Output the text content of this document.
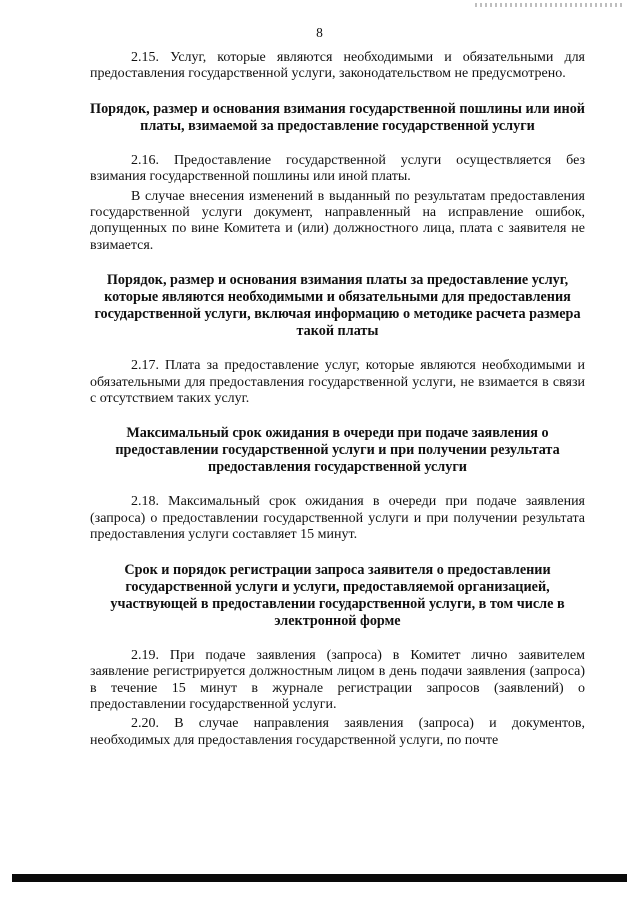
8

2.15. Услуг, которые являются необходимыми и обязательными для предоставления государственной услуги, законодательством не предусмотрено.

Порядок, размер и основания взимания государственной пошлины или иной платы, взимаемой за предоставление государственной услуги

2.16. Предоставление государственной услуги осуществляется без взимания государственной пошлины или иной платы.

В случае внесения изменений в выданный по результатам предоставления государственной услуги документ, направленный на исправление ошибок, допущенных по вине Комитета и (или) должностного лица, плата с заявителя не взимается.

Порядок, размер и основания взимания платы за предоставление услуг, которые являются необходимыми и обязательными для предоставления государственной услуги, включая информацию о методике расчета размера такой платы

2.17. Плата за предоставление услуг, которые являются необходимыми и обязательными для предоставления государственной услуги, не взимается в связи с отсутствием таких услуг.

Максимальный срок ожидания в очереди при подаче заявления о предоставлении государственной услуги и при получении результата предоставления государственной услуги

2.18. Максимальный срок ожидания в очереди при подаче заявления (запроса) о предоставлении государственной услуги и при получении результата предоставления услуги составляет 15 минут.

Срок и порядок регистрации запроса заявителя о предоставлении государственной услуги и услуги, предоставляемой организацией, участвующей в предоставлении государственной услуги, в том числе в электронной форме

2.19. При подаче заявления (запроса) в Комитет лично заявителем заявление регистрируется должностным лицом в день подачи заявления (запроса) в течение 15 минут в журнале регистрации запросов (заявлений) о предоставлении государственной услуги.

2.20. В случае направления заявления (запроса) и документов, необходимых для предоставления государственной услуги, по почте
